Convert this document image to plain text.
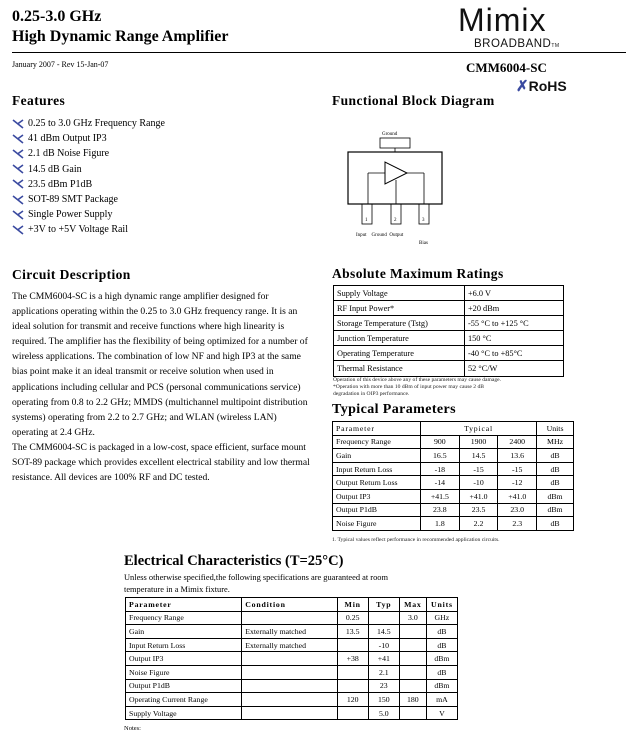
0.25-3.0 GHz
High Dynamic Range Amplifier
January 2007 - Rev 15-Jan-07
Mimix
BROADBANDTM
CMM6004-SC
✗RoHS
Features
0.25 to 3.0 GHz Frequency Range
41 dBm Output IP3
2.1 dB Noise Figure
14.5 dB Gain
23.5 dBm P1dB
SOT-89 SMT Package
Single Power Supply
+3V to +5V Voltage Rail
Functional Block Diagram
Ground
1	2	3
Input    Ground  Output
Bias
Circuit Description

The CMM6004-SC is a high dynamic range amplifier designed for applications operating within the 0.25 to 3.0 GHz frequency range. It is an ideal solution for transmit and receive functions where high linearity is required. The amplifier has the flexibility of being optimized for a number of wireless applications. The combination of low NF and high IP3 at the same bias point make it an ideal transmit or receive solution when used in applications including cellular and PCS (personal communications service) operating from 0.8 to 2.2 GHz; MMDS (multichannel multipoint distribution systems) operating from 2.2 to 2.7 GHz; and WLAN (wireless LAN) operating at 2.4 GHz.

The CMM6004-SC is packaged in a low-cost, space efficient, surface mount SOT-89 package which provides excellent electrical stability and low thermal resistance. All devices are 100% RF and DC tested.

Absolute Maximum Ratings
Supply Voltage	+6.0 V
RF Input Power*	+20 dBm
Storage Temperature (Tstg)	-55 °C to +125 °C
Junction Temperature	150 °C
Operating Temperature	-40 °C to +85°C
Thermal Resistance	52 °C/W
Operation of this device above any of these parameters may cause damage.
*Operation with more than 10 dBm of input power may cause 2 dB
degradation in OIP3 performance.
Typical Parameters
Parameter	Typical			Units
Frequency Range	900	1900	2400	MHz
Gain	16.5	14.5	13.6	dB
Input Return Loss	-18	-15	-15	dB
Output Return Loss	-14	-10	-12	dB
Output IP3	+41.5	+41.0	+41.0	dBm
Output P1dB	23.8	23.5	23.0	dBm
Noise Figure	1.8	2.2	2.3	dB
1. Typical values reflect performance in recommended application circuits.
Electrical Characteristics (T=25°C)
Unless otherwise specified,the following specifications are guaranteed at room
temperature in a Mimix fixture.
Parameter	Condition	Min	Typ	Max	Units
Frequency Range		0.25		3.0	GHz
Gain	Externally matched	13.5	14.5		dB
Input Return Loss	Externally matched		-10		dB
Output IP3		+38	+41		dBm
Noise Figure			2.1		dB
Output P1dB			23		dBm
Operating Current Range		120	150	180	mA
Supply Voltage			5.0		V
Notes:
